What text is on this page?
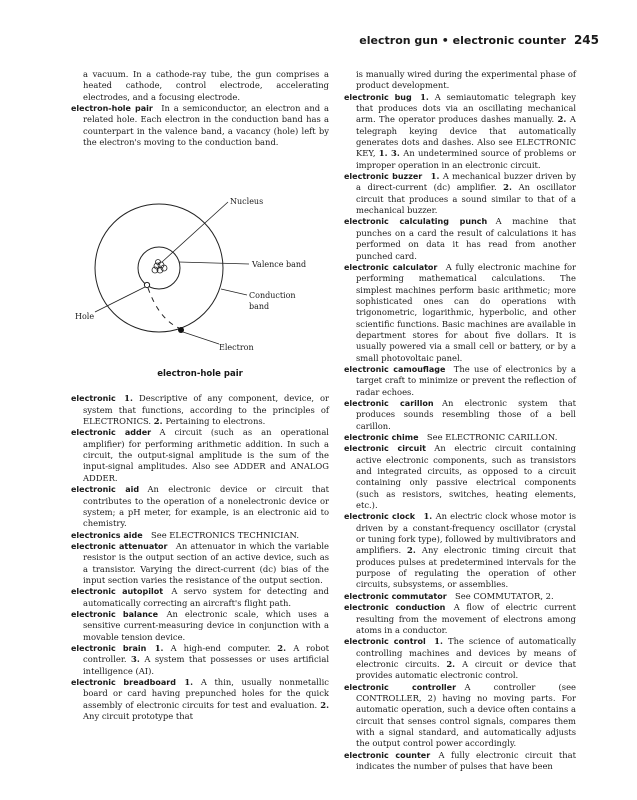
electron gun • electronic counter 245

a vacuum. In a cathode-ray tube, the gun comprises a heated cathode, control electrode, accelerating electrodes, and a focusing electrode.

electron-hole pair  In a semiconductor, an electron and a related hole. Each electron in the conduction band has a counterpart in the valence band, a vacancy (hole) left by the electron's moving to the conduction band.

Nucleus
Valence band
Conduction
band
Hole
Electron
electron-hole pair

electronic  1. Descriptive of any component, device, or system that functions, according to the principles of ELECTRONICS. 2. Pertaining to electrons.

electronic adder  A circuit (such as an operational amplifier) for performing arithmetic addition. In such a circuit, the output-signal amplitude is the sum of the input-signal amplitudes. Also see ADDER and ANALOG ADDER.

electronic aid  An electronic device or circuit that contributes to the operation of a nonelectronic device or system; a pH meter, for example, is an electronic aid to chemistry.

electronics aide  See ELECTRONICS TECHNICIAN.

electronic attenuator  An attenuator in which the variable resistor is the output section of an active device, such as a transistor. Varying the direct-current (dc) bias of the input section varies the resistance of the output section.

electronic autopilot  A servo system for detecting and automatically correcting an aircraft's flight path.

electronic balance  An electronic scale, which uses a sensitive current-measuring device in conjunction with a movable tension device.

electronic brain  1. A high-end computer. 2. A robot controller. 3. A system that possesses or uses artificial intelligence (AI).

electronic breadboard  1. A thin, usually nonmetallic board or card having prepunched holes for the quick assembly of electronic circuits for test and evaluation. 2. Any circuit prototype that

is manually wired during the experimental phase of product development.

electronic bug  1. A semiautomatic telegraph key that produces dots via an oscillating mechanical arm. The operator produces dashes manually. 2. A telegraph keying device that automatically generates dots and dashes. Also see ELECTRONIC KEY, 1. 3. An undetermined source of problems or improper operation in an electronic circuit.

electronic buzzer  1. A mechanical buzzer driven by a direct-current (dc) amplifier. 2. An oscillator circuit that produces a sound similar to that of a mechanical buzzer.

electronic calculating punch  A machine that punches on a card the result of calculations it has performed on data it has read from another punched card.

electronic calculator  A fully electronic machine for performing mathematical calculations. The simplest machines perform basic arithmetic; more sophisticated ones can do operations with trigonometric, logarithmic, hyperbolic, and other scientific functions. Basic machines are available in department stores for about five dollars. It is usually powered via a small cell or battery, or by a small photovoltaic panel.

electronic camouflage  The use of electronics by a target craft to minimize or prevent the reflection of radar echoes.

electronic carillon  An electronic system that produces sounds resembling those of a bell carillon.

electronic chime  See ELECTRONIC CARILLON.

electronic circuit  An electric circuit containing active electronic components, such as transistors and integrated circuits, as opposed to a circuit containing only passive electrical components (such as resistors, switches, heating elements, etc.).

electronic clock  1. An electric clock whose motor is driven by a constant-frequency oscillator (crystal or tuning fork type), followed by multivibrators and amplifiers. 2. Any electronic timing circuit that produces pulses at predetermined intervals for the purpose of regulating the operation of other circuits, subsystems, or assemblies.

electronic commutator  See COMMUTATOR, 2.

electronic conduction  A flow of electric current resulting from the movement of electrons among atoms in a conductor.

electronic control  1. The science of automatically controlling machines and devices by means of electronic circuits. 2. A circuit or device that provides automatic electronic control.

electronic controller  A controller (see CONTROLLER, 2) having no moving parts. For automatic operation, such a device often contains a circuit that senses control signals, compares them with a signal standard, and automatically adjusts the output control power accordingly.

electronic counter  A fully electronic circuit that indicates the number of pulses that have been
